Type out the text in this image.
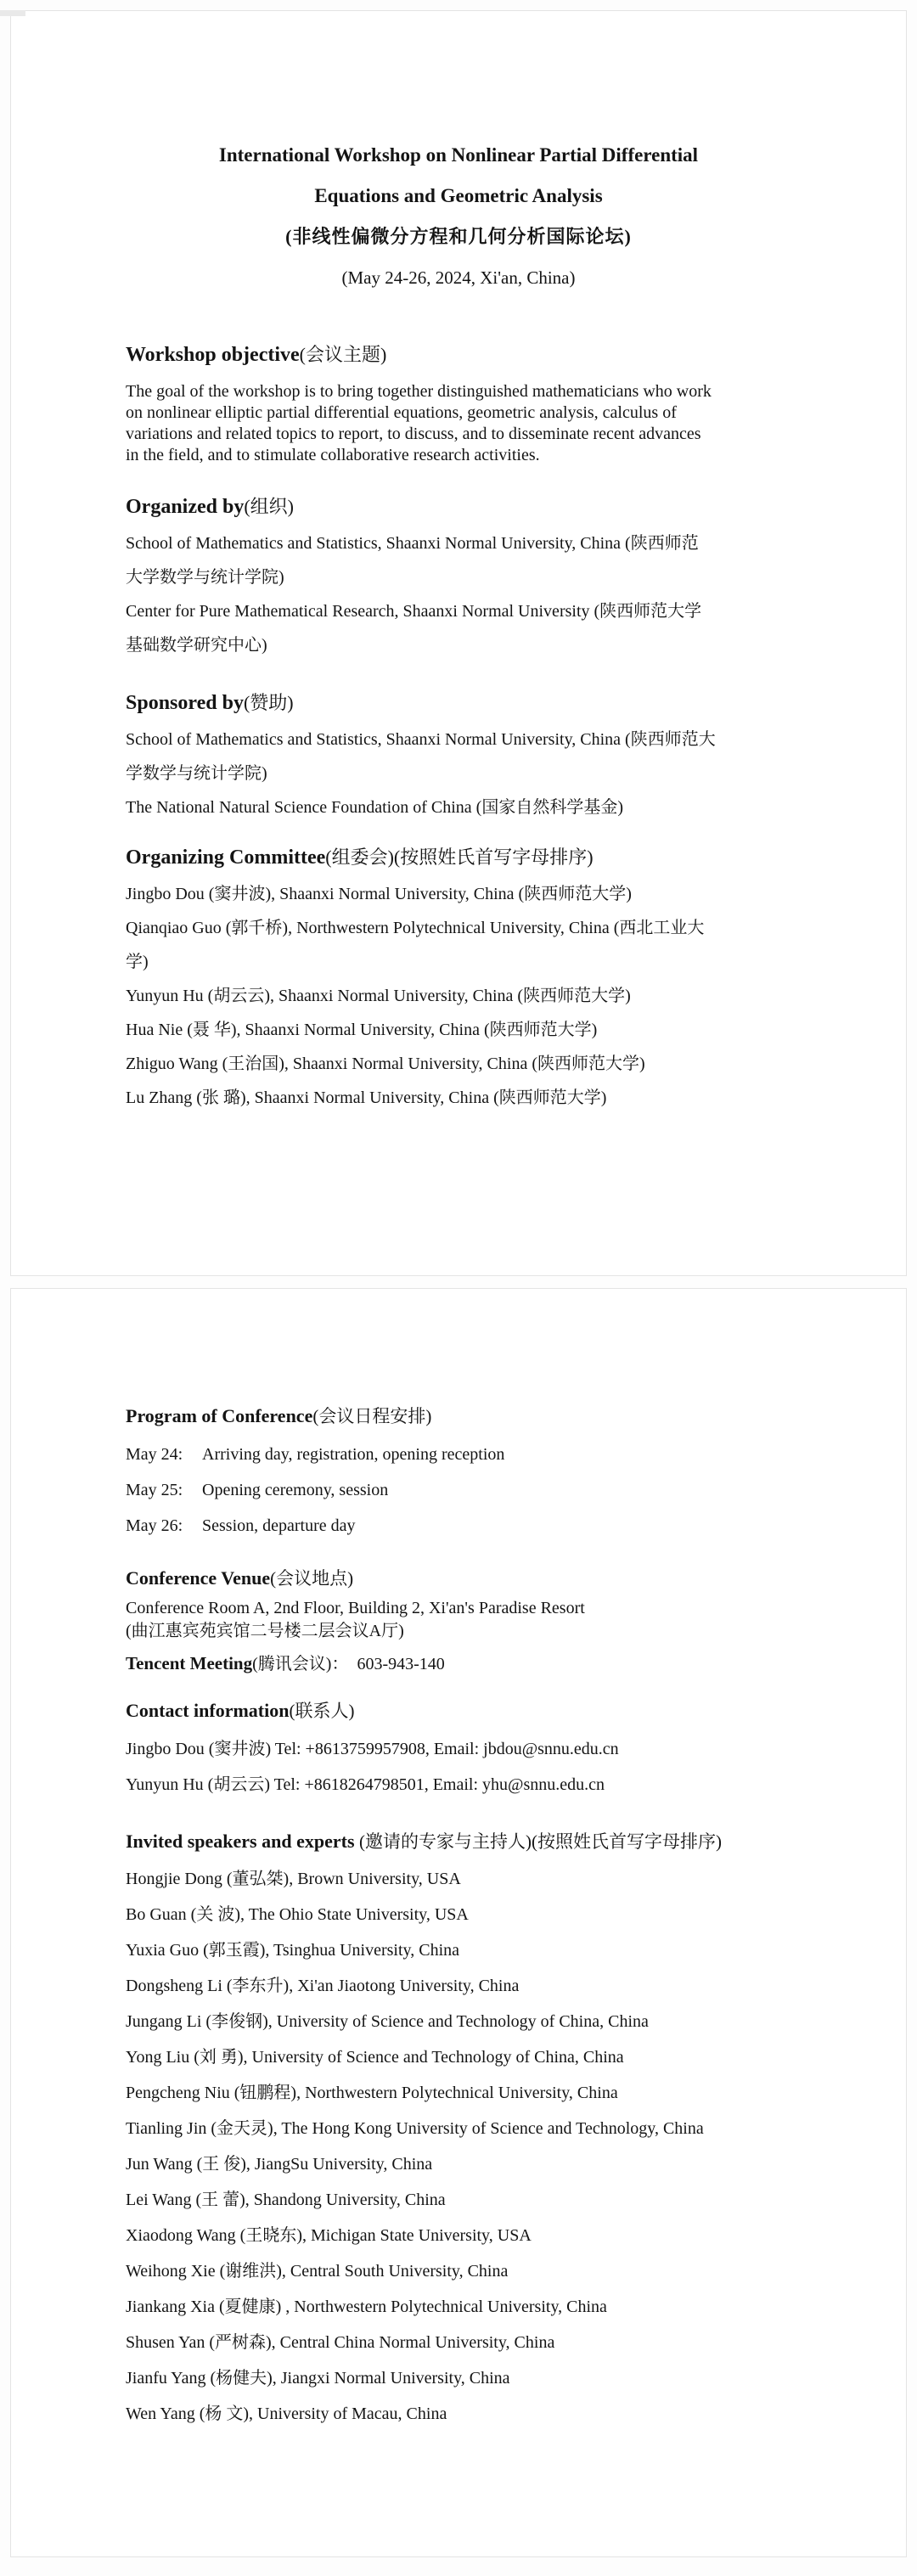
International Workshop on Nonlinear Partial Differential
Equations and Geometric Analysis
(非线性偏微分方程和几何分析国际论坛)
(May 24-26, 2024, Xi'an, China)
Workshop objective(会议主题)

The goal of the workshop is to bring together distinguished mathematicians who work

on nonlinear elliptic partial differential equations, geometric analysis, calculus of

variations and related topics to report, to discuss, and to disseminate recent advances

in the field, and to stimulate collaborative research activities.

Organized by(组织)

School of Mathematics and Statistics, Shaanxi Normal University, China (陕西师范

大学数学与统计学院)

Center for Pure Mathematical Research, Shaanxi Normal University (陕西师范大学

基础数学研究中心)

Sponsored by(赞助)

School of Mathematics and Statistics, Shaanxi Normal University, China (陕西师范大

学数学与统计学院)

The National Natural Science Foundation of China (国家自然科学基金)

Organizing Committee(组委会)(按照姓氏首写字母排序)

Jingbo Dou (窦井波), Shaanxi Normal University, China (陕西师范大学)

Qianqiao Guo (郭千桥), Northwestern Polytechnical University, China (西北工业大

学)

Yunyun Hu (胡云云), Shaanxi Normal University, China (陕西师范大学)

Hua Nie (聂 华), Shaanxi Normal University, China (陕西师范大学)

Zhiguo Wang (王治国), Shaanxi Normal University, China (陕西师范大学)

Lu Zhang (张 璐), Shaanxi Normal University, China (陕西师范大学)

Program of Conference(会议日程安排)
May 24: Arriving day, registration, opening reception
May 25: Opening ceremony, session
May 26: Session, departure day
Conference Venue(会议地点)

Conference Room A, 2nd Floor, Building 2, Xi'an's Paradise Resort

(曲江惠宾苑宾馆二号楼二层会议A厅)

Tencent Meeting(腾讯会议)： 603-943-140

Contact information(联系人)

Jingbo Dou (窦井波) Tel: +8613759957908, Email: jbdou@snnu.edu.cn

Yunyun Hu (胡云云) Tel: +8618264798501, Email: yhu@snnu.edu.cn

Invited speakers and experts (邀请的专家与主持人)(按照姓氏首写字母排序)

Hongjie Dong (董弘桀), Brown University, USA

Bo Guan (关 波), The Ohio State University, USA

Yuxia Guo (郭玉霞), Tsinghua University, China

Dongsheng Li (李东升), Xi'an Jiaotong University, China

Jungang Li (李俊钢), University of Science and Technology of China, China

Yong Liu (刘 勇), University of Science and Technology of China, China

Pengcheng Niu (钮鹏程), Northwestern Polytechnical University, China

Tianling Jin (金天灵), The Hong Kong University of Science and Technology, China

Jun Wang (王 俊), JiangSu University, China

Lei Wang (王 蕾), Shandong University, China

Xiaodong Wang (王晓东), Michigan State University, USA

Weihong Xie (谢维洪), Central South University, China

Jiankang Xia (夏健康) , Northwestern Polytechnical University, China

Shusen Yan (严树森), Central China Normal University, China

Jianfu Yang (杨健夫), Jiangxi Normal University, China

Wen Yang (杨 文), University of Macau, China
